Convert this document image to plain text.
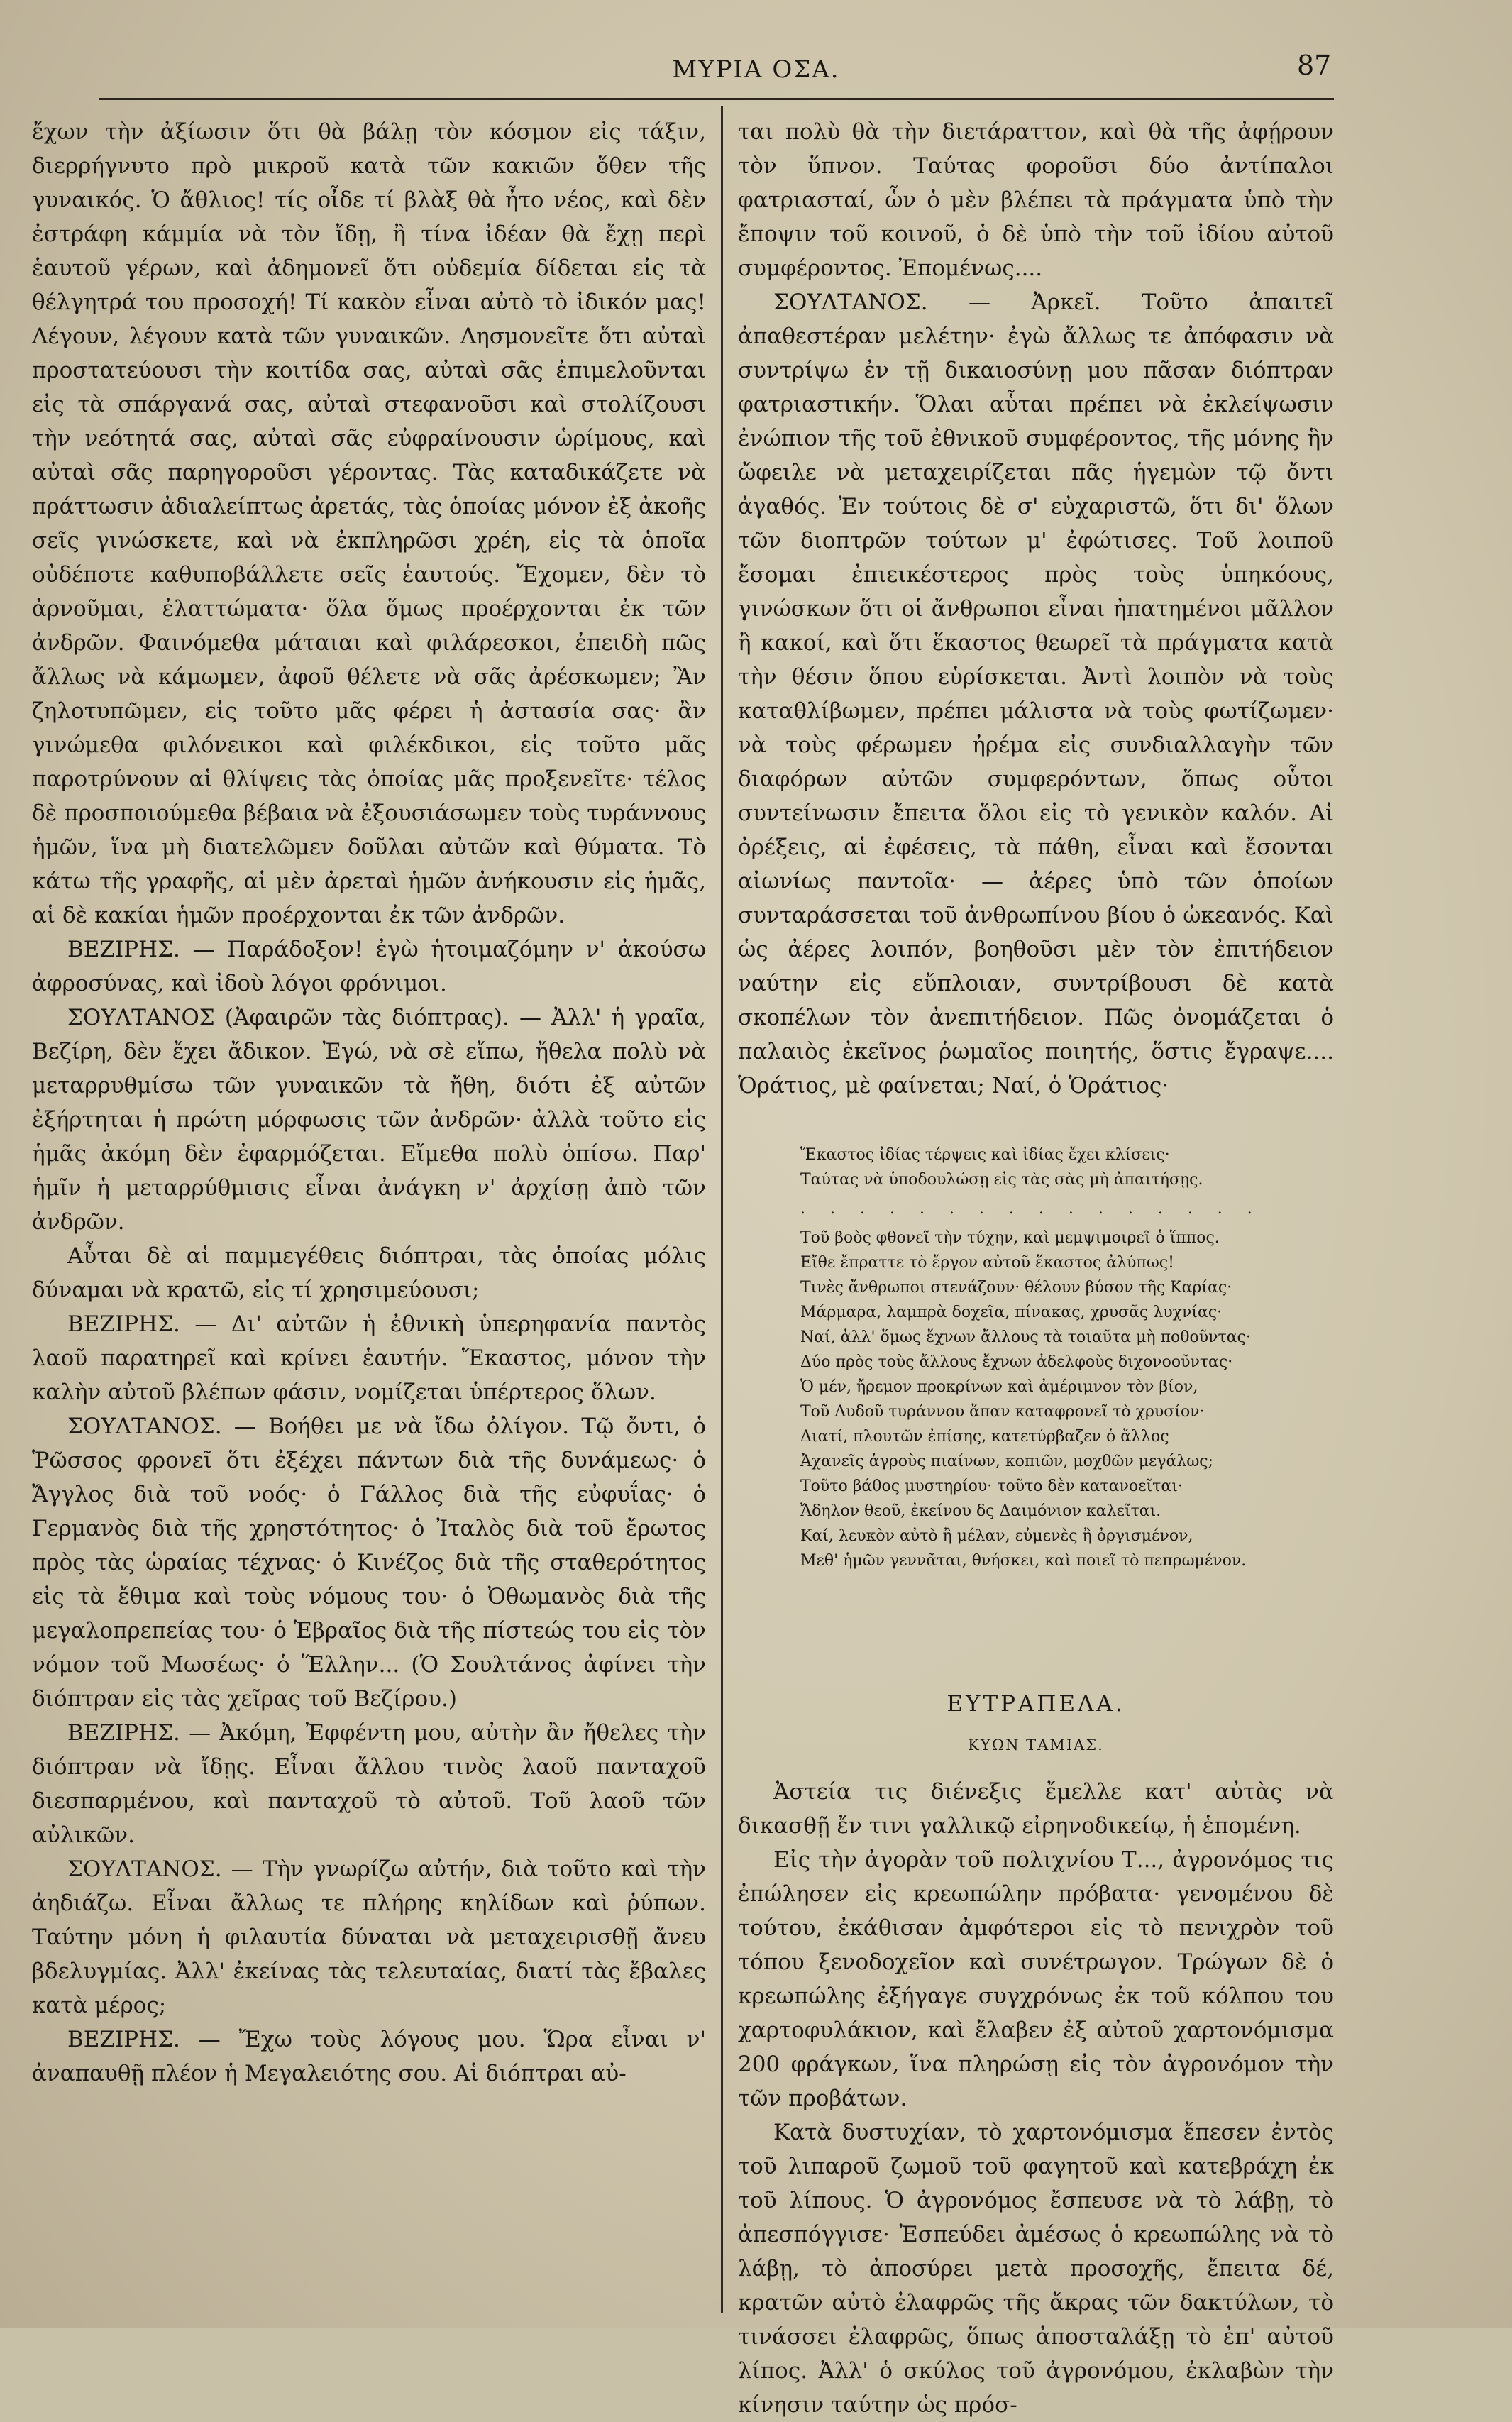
ΜΥΡΙΑ ΟΣΑ.	87

ἔχων τὴν ἀξίωσιν ὅτι θὰ βάλῃ τὸν κόσμον εἰς τάξιν, διερρήγνυτο πρὸ μικροῦ κατὰ τῶν κακιῶν ὅθεν τῆς γυναικός. Ὁ ἄθλιος! τίς οἶδε τί βλὰξ θὰ ἦτο νέος, καὶ δὲν ἐστράφη κάμμία νὰ τὸν ἴδῃ, ἢ τίνα ἰδέαν θὰ ἔχῃ περὶ ἑαυτοῦ γέρων, καὶ ἀδημονεῖ ὅτι οὐδεμία δίδεται εἰς τὰ θέλγητρά του προσοχή! Τί κακὸν εἶναι αὐτὸ τὸ ἰδικόν μας! Λέγουν, λέγουν κατὰ τῶν γυναικῶν. Λησμονεῖτε ὅτι αὐταὶ προστατεύουσι τὴν κοιτίδα σας, αὐταὶ σᾶς ἐπιμελοῦνται εἰς τὰ σπάργανά σας, αὐταὶ στεφανοῦσι καὶ στολίζουσι τὴν νεότητά σας, αὐταὶ σᾶς εὐφραίνουσιν ὡρίμους, καὶ αὐταὶ σᾶς παρηγοροῦσι γέροντας. Τὰς καταδικάζετε νὰ πράττωσιν ἀδιαλείπτως ἀρετάς, τὰς ὁποίας μόνον ἐξ ἀκοῆς σεῖς γινώσκετε, καὶ νὰ ἐκπληρῶσι χρέη, εἰς τὰ ὁποῖα οὐδέποτε καθυποβάλλετε σεῖς ἑαυτούς. Ἔχομεν, δὲν τὸ ἀρνοῦμαι, ἐλαττώματα· ὅλα ὅμως προέρχονται ἐκ τῶν ἀνδρῶν. Φαινόμεθα μάταιαι καὶ φιλάρεσκοι, ἐπειδὴ πῶς ἄλλως νὰ κάμωμεν, ἀφοῦ θέλετε νὰ σᾶς ἀρέσκωμεν; Ἂν ζηλοτυπῶμεν, εἰς τοῦτο μᾶς φέρει ἡ ἀστασία σας· ἂν γινώμεθα φιλόνεικοι καὶ φιλέκδικοι, εἰς τοῦτο μᾶς παροτρύνουν αἱ θλίψεις τὰς ὁποίας μᾶς προξενεῖτε· τέλος δὲ προσποιούμεθα βέβαια νὰ ἐξουσιάσωμεν τοὺς τυράννους ἡμῶν, ἵνα μὴ διατελῶμεν δοῦλαι αὐτῶν καὶ θύματα. Τὸ κάτω τῆς γραφῆς, αἱ μὲν ἀρεταὶ ἡμῶν ἀνήκουσιν εἰς ἡμᾶς, αἱ δὲ κακίαι ἡμῶν προέρχονται ἐκ τῶν ἀνδρῶν.

ΒΕΖΙΡΗΣ. — Παράδοξον! ἐγὼ ἡτοιμαζόμην ν' ἀκούσω ἀφροσύνας, καὶ ἰδοὺ λόγοι φρόνιμοι.

ΣΟΥΛΤΑΝΟΣ (Ἀφαιρῶν τὰς διόπτρας). — Ἀλλ' ἡ γραῖα, Βεζίρη, δὲν ἔχει ἄδικον. Ἐγώ, νὰ σὲ εἴπω, ἤθελα πολὺ νὰ μεταρρυθμίσω τῶν γυναικῶν τὰ ἤθη, διότι ἐξ αὐτῶν ἐξήρτηται ἡ πρώτη μόρφωσις τῶν ἀνδρῶν· ἀλλὰ τοῦτο εἰς ἡμᾶς ἀκόμη δὲν ἐφαρμόζεται. Εἴμεθα πολὺ ὀπίσω. Παρ' ἡμῖν ἡ μεταρρύθμισις εἶναι ἀνάγκη ν' ἀρχίσῃ ἀπὸ τῶν ἀνδρῶν.

Αὗται δὲ αἱ παμμεγέθεις διόπτραι, τὰς ὁποίας μόλις δύναμαι νὰ κρατῶ, εἰς τί χρησιμεύουσι;

ΒΕΖΙΡΗΣ. — Δι' αὐτῶν ἡ ἐθνικὴ ὑπερηφανία παντὸς λαοῦ παρατηρεῖ καὶ κρίνει ἑαυτήν. Ἕκαστος, μόνον τὴν καλὴν αὐτοῦ βλέπων φάσιν, νομίζεται ὑπέρτερος ὅλων.

ΣΟΥΛΤΑΝΟΣ. — Βοήθει με νὰ ἴδω ὀλίγον. Τῷ ὄντι, ὁ Ῥῶσσος φρονεῖ ὅτι ἐξέχει πάντων διὰ τῆς δυνάμεως· ὁ Ἄγγλος διὰ τοῦ νοός· ὁ Γάλλος διὰ τῆς εὐφυΐας· ὁ Γερμανὸς διὰ τῆς χρηστότητος· ὁ Ἰταλὸς διὰ τοῦ ἔρωτος πρὸς τὰς ὡραίας τέχνας· ὁ Κινέζος διὰ τῆς σταθερότητος εἰς τὰ ἔθιμα καὶ τοὺς νόμους του· ὁ Ὀθωμανὸς διὰ τῆς μεγαλοπρεπείας του· ὁ Ἑβραῖος διὰ τῆς πίστεώς του εἰς τὸν νόμον τοῦ Μωσέως· ὁ Ἕλλην... (Ὁ Σουλτάνος ἀφίνει τὴν διόπτραν εἰς τὰς χεῖρας τοῦ Βεζίρου.)

ΒΕΖΙΡΗΣ. — Ἀκόμη, Ἐφφέντη μου, αὐτὴν ἂν ἤθελες τὴν διόπτραν νὰ ἴδῃς. Εἶναι ἄλλου τινὸς λαοῦ πανταχοῦ διεσπαρμένου, καὶ πανταχοῦ τὸ αὐτοῦ. Τοῦ λαοῦ τῶν αὐλικῶν.

ΣΟΥΛΤΑΝΟΣ. — Τὴν γνωρίζω αὐτήν, διὰ τοῦτο καὶ τὴν ἀηδιάζω. Εἶναι ἄλλως τε πλήρης κηλίδων καὶ ῥύπων. Ταύτην μόνη ἡ φιλαυτία δύναται νὰ μεταχειρισθῇ ἄνευ βδελυγμίας. Ἀλλ' ἐκείνας τὰς τελευταίας, διατί τὰς ἔβαλες κατὰ μέρος;

ΒΕΖΙΡΗΣ. — Ἔχω τοὺς λόγους μου. Ὥρα εἶναι ν' ἀναπαυθῇ πλέον ἡ Μεγαλειότης σου. Αἱ διόπτραι αὐ-

ται πολὺ θὰ τὴν διετάραττον, καὶ θὰ τῆς ἀφῄρουν τὸν ὕπνον. Ταύτας φοροῦσι δύο ἀντίπαλοι φατριασταί, ὧν ὁ μὲν βλέπει τὰ πράγματα ὑπὸ τὴν ἔποψιν τοῦ κοινοῦ, ὁ δὲ ὑπὸ τὴν τοῦ ἰδίου αὐτοῦ συμφέροντος. Ἐπομένως....

ΣΟΥΛΤΑΝΟΣ. — Ἀρκεῖ. Τοῦτο ἀπαιτεῖ ἀπαθεστέραν μελέτην· ἐγὼ ἄλλως τε ἀπόφασιν νὰ συντρίψω ἐν τῇ δικαιοσύνῃ μου πᾶσαν διόπτραν φατριαστικήν. Ὅλαι αὗται πρέπει νὰ ἐκλείψωσιν ἐνώπιον τῆς τοῦ ἐθνικοῦ συμφέροντος, τῆς μόνης ἣν ὤφειλε νὰ μεταχειρίζεται πᾶς ἡγεμὼν τῷ ὄντι ἀγαθός. Ἐν τούτοις δὲ σ' εὐχαριστῶ, ὅτι δι' ὅλων τῶν διοπτρῶν τούτων μ' ἐφώτισες. Τοῦ λοιποῦ ἔσομαι ἐπιεικέστερος πρὸς τοὺς ὑπηκόους, γινώσκων ὅτι οἱ ἄνθρωποι εἶναι ἠπατημένοι μᾶλλον ἢ κακοί, καὶ ὅτι ἕκαστος θεωρεῖ τὰ πράγματα κατὰ τὴν θέσιν ὅπου εὑρίσκεται. Ἀντὶ λοιπὸν νὰ τοὺς καταθλίβωμεν, πρέπει μάλιστα νὰ τοὺς φωτίζωμεν· νὰ τοὺς φέρωμεν ἠρέμα εἰς συνδιαλλαγὴν τῶν διαφόρων αὐτῶν συμφερόντων, ὅπως οὗτοι συντείνωσιν ἔπειτα ὅλοι εἰς τὸ γενικὸν καλόν. Αἱ ὀρέξεις, αἱ ἐφέσεις, τὰ πάθη, εἶναι καὶ ἔσονται αἰωνίως παντοῖα· — ἀέρες ὑπὸ τῶν ὁποίων συνταράσσεται τοῦ ἀνθρωπίνου βίου ὁ ὠκεανός. Καὶ ὡς ἀέρες λοιπόν, βοηθοῦσι μὲν τὸν ἐπιτήδειον ναύτην εἰς εὔπλοιαν, συντρίβουσι δὲ κατὰ σκοπέλων τὸν ἀνεπιτήδειον. Πῶς ὀνομάζεται ὁ παλαιὸς ἐκεῖνος ῥωμαῖος ποιητής, ὅστις ἔγραψε.... Ὁράτιος, μὲ φαίνεται; Ναί, ὁ Ὁράτιος·

Ἕκαστος ἰδίας τέρψεις καὶ ἰδίας ἔχει κλίσεις·
Ταύτας νὰ ὑποδουλώσῃ εἰς τὰς σὰς μὴ ἀπαιτήσῃς.
. . . . . . . . . . . . . . . .
Τοῦ βοὸς φθονεῖ τὴν τύχην, καὶ μεμψιμοιρεῖ ὁ ἵππος.
Εἴθε ἔπραττε τὸ ἔργον αὐτοῦ ἕκαστος ἀλύπως!
Τινὲς ἄνθρωποι στενάζουν· θέλουν βύσον τῆς Καρίας·
Μάρμαρα, λαμπρὰ δοχεῖα, πίνακας, χρυσᾶς λυχνίας·
Ναί, ἀλλ' ὅμως ἔχνων ἄλλους τὰ τοιαῦτα μὴ ποθοῦντας·
Δύο πρὸς τοὺς ἄλλους ἔχνων ἀδελφοὺς διχονοοῦντας·
Ὁ μέν, ἤρεμον προκρίνων καὶ ἀμέριμνον τὸν βίον,
Τοῦ Λυδοῦ τυράννου ἅπαν καταφρονεῖ τὸ χρυσίον·
Διατί, πλουτῶν ἐπίσης, κατετύρβαζεν ὁ ἄλλος
Ἀχανεῖς ἀγροὺς πιαίνων, κοπιῶν, μοχθῶν μεγάλως;
Τοῦτο βάθος μυστηρίου· τοῦτο δὲν κατανοεῖται·
Ἄδηλον θεοῦ, ἐκείνου δς Δαιμόνιον καλεῖται.
Καί, λευκὸν αὐτὸ ἢ μέλαν, εὐμενὲς ἢ ὀργισμένον,
Μεθ' ἡμῶν γεννᾶται, θνήσκει, καὶ ποιεῖ τὸ πεπρωμένον.
ΕΥΤΡΑΠΕΛΑ.
ΚΥΩΝ ΤΑΜΙΑΣ.

Ἀστεία τις διένεξις ἔμελλε κατ' αὐτὰς νὰ δικασθῇ ἔν τινι γαλλικῷ εἰρηνοδικείῳ, ἡ ἑπομένη.

Εἰς τὴν ἀγορὰν τοῦ πολιχνίου Τ..., ἀγρονόμος τις ἐπώλησεν εἰς κρεωπώλην πρόβατα· γενομένου δὲ τούτου, ἐκάθισαν ἀμφότεροι εἰς τὸ πενιχρὸν τοῦ τόπου ξενοδοχεῖον καὶ συνέτρωγον. Τρώγων δὲ ὁ κρεωπώλης ἐξήγαγε συγχρόνως ἐκ τοῦ κόλπου του χαρτοφυλάκιον, καὶ ἔλαβεν ἐξ αὐτοῦ χαρτονόμισμα 200 φράγκων, ἵνα πληρώσῃ εἰς τὸν ἀγρονόμον τὴν τῶν προβάτων.

Κατὰ δυστυχίαν, τὸ χαρτονόμισμα ἔπεσεν ἐντὸς τοῦ λιπαροῦ ζωμοῦ τοῦ φαγητοῦ καὶ κατεβράχη ἐκ τοῦ λίπους. Ὁ ἀγρονόμος ἔσπευσε νὰ τὸ λάβῃ, τὸ ἀπεσπόγγισε· Ἐσπεύδει ἀμέσως ὁ κρεωπώλης νὰ τὸ λάβῃ, τὸ ἀποσύρει μετὰ προσοχῆς, ἔπειτα δέ, κρατῶν αὐτὸ ἐλαφρῶς τῆς ἄκρας τῶν δακτύλων, τὸ τινάσσει ἐλαφρῶς, ὅπως ἀποσταλάξῃ τὸ ἐπ' αὐτοῦ λίπος. Ἀλλ' ὁ σκύλος τοῦ ἀγρονόμου, ἐκλαβὼν τὴν κίνησιν ταύτην ὡς πρόσ-
